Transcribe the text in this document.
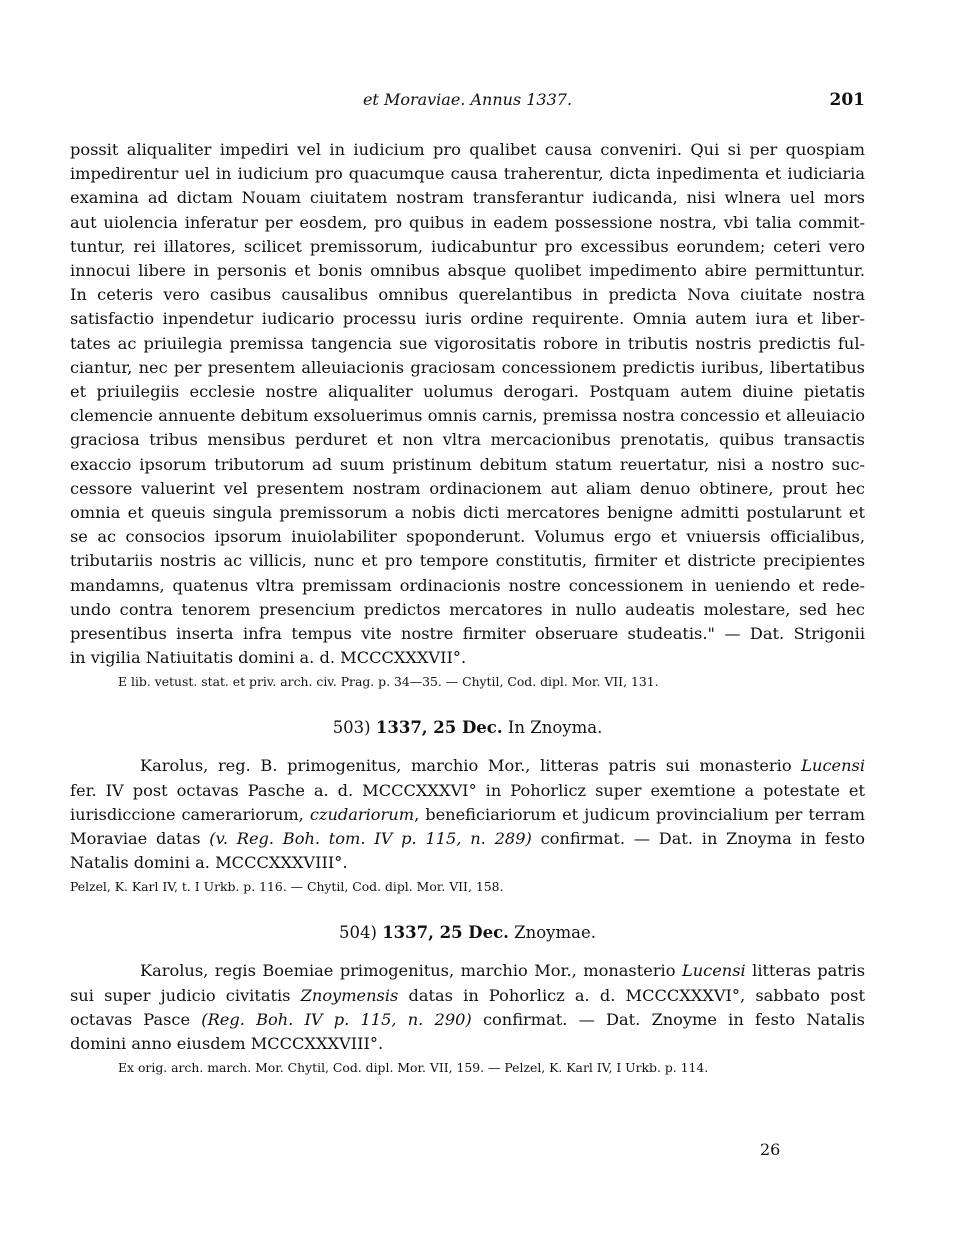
et Moraviae. Annus 1337.	201
possit aliqualiter impediri vel in iudicium pro qualibet causa conveniri. Qui si per quospiam
impedirentur uel in iudicium pro quacumque causa traherentur, dicta inpedimenta et iudiciaria
examina ad dictam Nouam ciuitatem nostram transferantur iudicanda, nisi wlnera uel mors
aut uiolencia inferatur per eosdem, pro quibus in eadem possessione nostra, vbi talia commit-
tuntur, rei illatores, scilicet premissorum, iudicabuntur pro excessibus eorundem; ceteri vero
innocui libere in personis et bonis omnibus absque quolibet impedimento abire permittuntur.
In ceteris vero casibus causalibus omnibus querelantibus in predicta Nova ciuitate nostra
satisfactio inpendetur iudicario processu iuris ordine requirente. Omnia autem iura et liber-
tates ac priuilegia premissa tangencia sue vigorositatis robore in tributis nostris predictis ful-
ciantur, nec per presentem alleuiacionis graciosam concessionem predictis iuribus, libertatibus
et priuilegiis ecclesie nostre aliqualiter uolumus derogari. Postquam autem diuine pietatis
clemencie annuente debitum exsoluerimus omnis carnis, premissa nostra concessio et alleuiacio
graciosa tribus mensibus perduret et non vltra mercacionibus prenotatis, quibus transactis
exaccio ipsorum tributorum ad suum pristinum debitum statum reuertatur, nisi a nostro suc-
cessore valuerint vel presentem nostram ordinacionem aut aliam denuo obtinere, prout hec
omnia et queuis singula premissorum a nobis dicti mercatores benigne admitti postularunt et
se ac consocios ipsorum inuiolabiliter spoponderunt. Volumus ergo et vniuersis officialibus,
tributariis nostris ac villicis, nunc et pro tempore constitutis, firmiter et districte precipientes
mandamns, quatenus vltra premissam ordinacionis nostre concessionem in ueniendo et rede-
undo contra tenorem presencium predictos mercatores in nullo audeatis molestare, sed hec
presentibus inserta infra tempus vite nostre firmiter obseruare studeatis." — Dat. Strigonii
in vigilia Natiuitatis domini a. d. MCCCXXXVII°.
E lib. vetust. stat. et priv. arch. civ. Prag. p. 34—35. — Chytil, Cod. dipl. Mor. VII, 131.
503) 1337, 25 Dec. In Znoyma.
Karolus, reg. B. primogenitus, marchio Mor., litteras patris sui monasterio Lucensi
fer. IV post octavas Pasche a. d. MCCCXXXVI° in Pohorlicz super exemtione a potestate et
iurisdiccione camerariorum, czudariorum, beneficiariorum et judicum provincialium per terram
Moraviae datas (v. Reg. Boh. tom. IV p. 115, n. 289) confirmat. — Dat. in Znoyma in festo
Natalis domini a. MCCCXXXVIII°.
Pelzel, K. Karl IV, t. I Urkb. p. 116. — Chytil, Cod. dipl. Mor. VII, 158.
504) 1337, 25 Dec. Znoymae.
Karolus, regis Boemiae primogenitus, marchio Mor., monasterio Lucensi litteras patris
sui super judicio civitatis Znoymensis datas in Pohorlicz a. d. MCCCXXXVI°, sabbato post
octavas Pasce (Reg. Boh. IV p. 115, n. 290) confirmat. — Dat. Znoyme in festo Natalis
domini anno eiusdem MCCCXXXVIII°.
Ex orig. arch. march. Mor. Chytil, Cod. dipl. Mor. VII, 159. — Pelzel, K. Karl IV, I Urkb. p. 114.
26
